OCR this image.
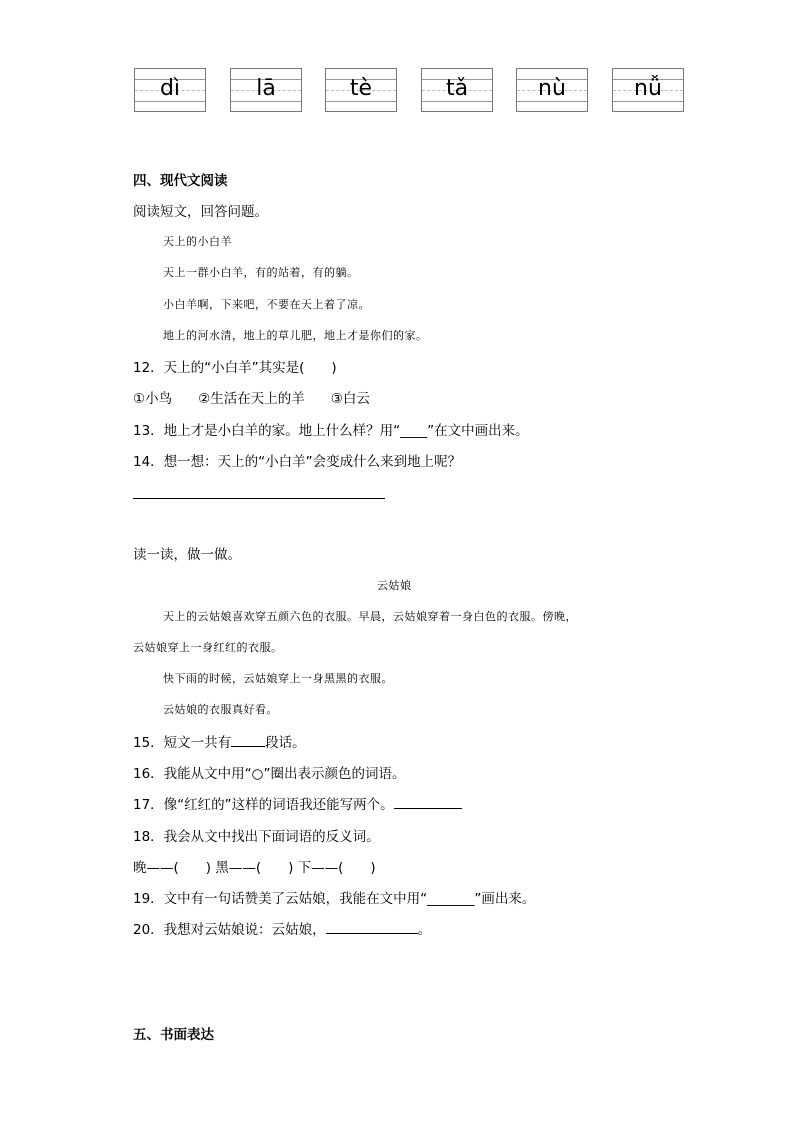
dì	lā	tè	tǎ	nù	nǚ
四、现代文阅读
阅读短文，回答问题。
天上的小白羊
天上一群小白羊，有的站着，有的躺。
小白羊啊，下来吧，不要在天上着了凉。
地上的河水清，地上的草儿肥，地上才是你们的家。
12．天上的“小白羊”其实是(　　)
①小鸟 ②生活在天上的羊 ③白云
13．地上才是小白羊的家。地上什么样？用“____”在文中画出来。
14．想一想：天上的“小白羊”会变成什么来到地上呢？
读一读，做一做。
云姑娘
天上的云姑娘喜欢穿五颜六色的衣服。早晨，云姑娘穿着一身白色的衣服。傍晚，
云姑娘穿上一身红红的衣服。
快下雨的时候，云姑娘穿上一身黑黑的衣服。
云姑娘的衣服真好看。
15．短文一共有	段话。
16．我能从文中用“○”圈出表示颜色的词语。
17．像“红红的”这样的词语我还能写两个。
18．我会从文中找出下面词语的反义词。
晚——(　　) 黑——(　　) 下——(　　)
19．文中有一句话赞美了云姑娘，我能在文中用“_______”画出来。
20．我想对云姑娘说：云姑娘，	。
五、书面表达
